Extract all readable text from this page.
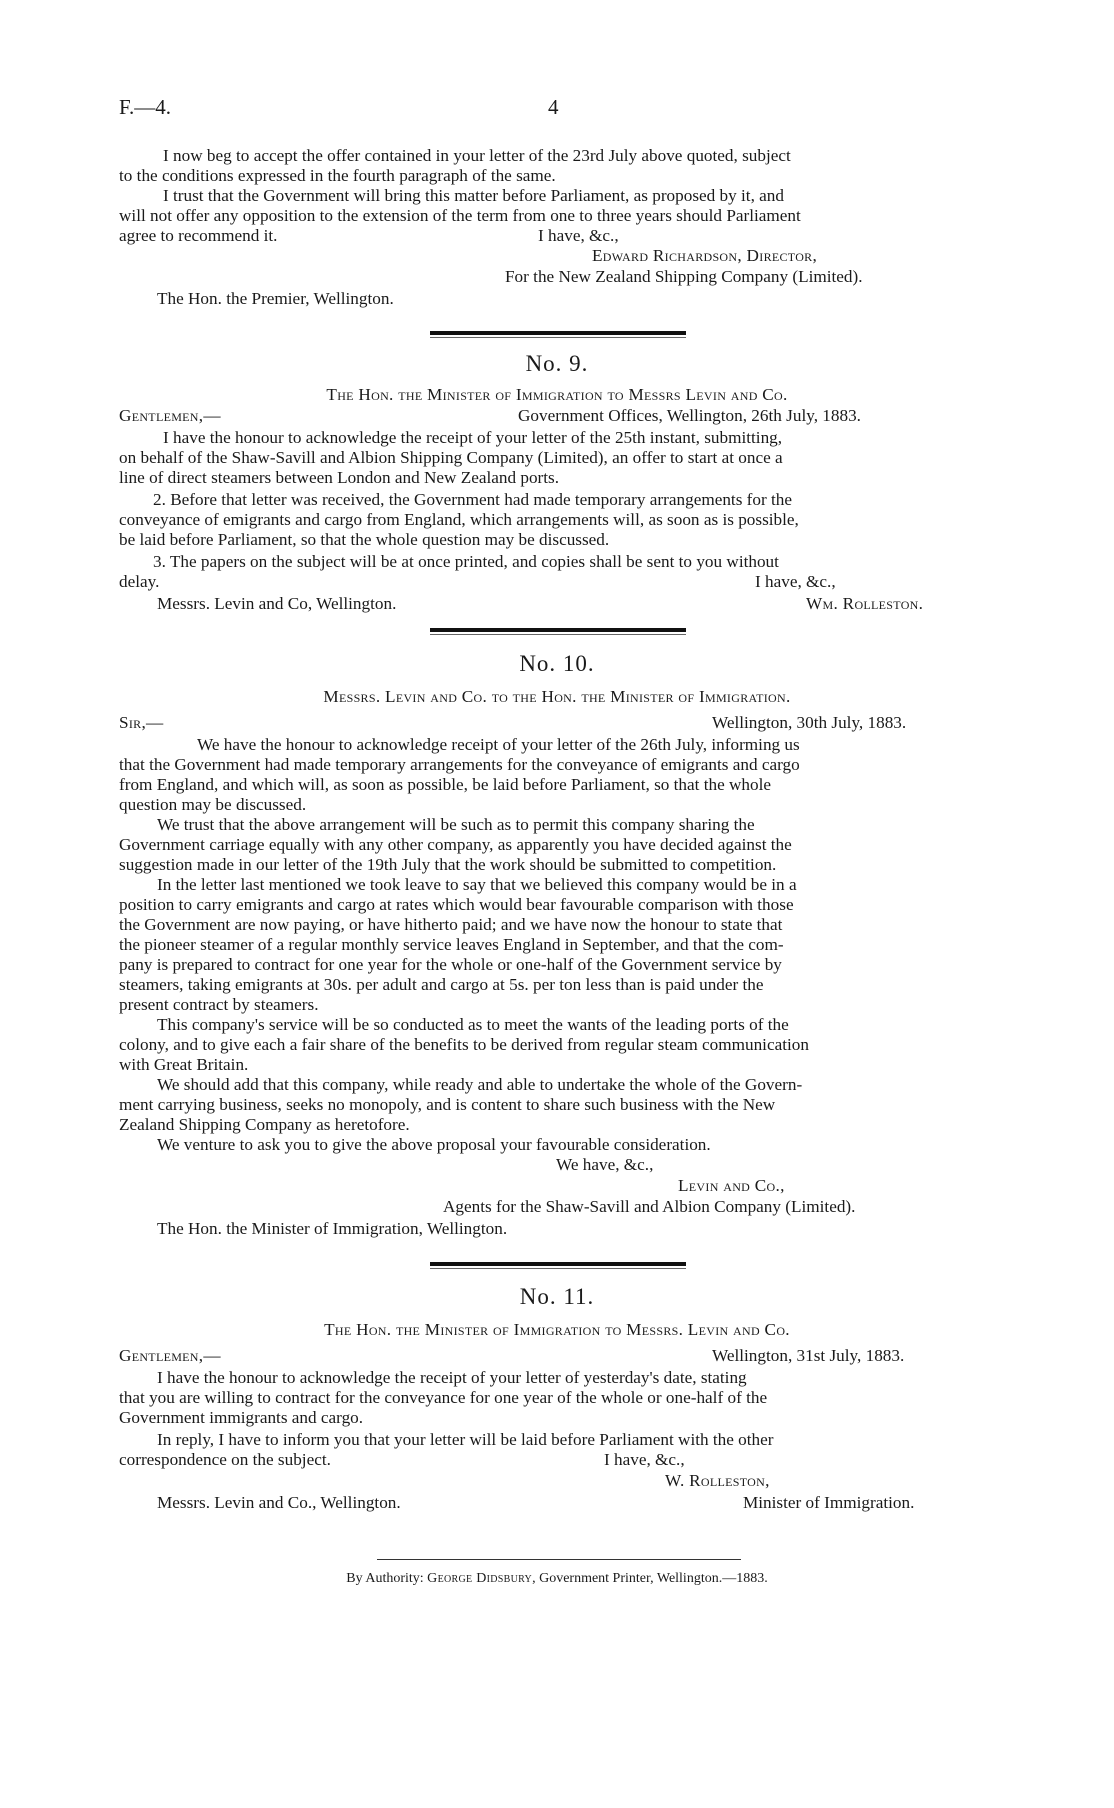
F.—4.	4
I now beg to accept the offer contained in your letter of the 23rd July above quoted, subject
to the conditions expressed in the fourth paragraph of the same.
I trust that the Government will bring this matter before Parliament, as proposed by it, and
will not offer any opposition to the extension of the term from one to three years should Parliament
agree to recommend it.	I have, &c.,
Edward Richardson, Director,
For the New Zealand Shipping Company (Limited).
The Hon. the Premier, Wellington.
No. 9.
The Hon. the Minister of Immigration to Messrs Levin and Co.
Gentlemen,—	Government Offices, Wellington, 26th July, 1883.
I have the honour to acknowledge the receipt of your letter of the 25th instant, submitting,
on behalf of the Shaw-Savill and Albion Shipping Company (Limited), an offer to start at once a
line of direct steamers between London and New Zealand ports.
2. Before that letter was received, the Government had made temporary arrangements for the
conveyance of emigrants and cargo from England, which arrangements will, as soon as is possible,
be laid before Parliament, so that the whole question may be discussed.
3. The papers on the subject will be at once printed, and copies shall be sent to you without
delay.	I have, &c.,
Messrs. Levin and Co, Wellington.	Wm. Rolleston.
No. 10.
Messrs. Levin and Co. to the Hon. the Minister of Immigration.
Sir,—	Wellington, 30th July, 1883.
We have the honour to acknowledge receipt of your letter of the 26th July, informing us
that the Government had made temporary arrangements for the conveyance of emigrants and cargo
from England, and which will, as soon as possible, be laid before Parliament, so that the whole
question may be discussed.
We trust that the above arrangement will be such as to permit this company sharing the
Government carriage equally with any other company, as apparently you have decided against the
suggestion made in our letter of the 19th July that the work should be submitted to competition.
In the letter last mentioned we took leave to say that we believed this company would be in a
position to carry emigrants and cargo at rates which would bear favourable comparison with those
the Government are now paying, or have hitherto paid; and we have now the honour to state that
the pioneer steamer of a regular monthly service leaves England in September, and that the com-
pany is prepared to contract for one year for the whole or one-half of the Government service by
steamers, taking emigrants at 30s. per adult and cargo at 5s. per ton less than is paid under the
present contract by steamers.
This company's service will be so conducted as to meet the wants of the leading ports of the
colony, and to give each a fair share of the benefits to be derived from regular steam communication
with Great Britain.
We should add that this company, while ready and able to undertake the whole of the Govern-
ment carrying business, seeks no monopoly, and is content to share such business with the New
Zealand Shipping Company as heretofore.
We venture to ask you to give the above proposal your favourable consideration.
We have, &c.,
Levin and Co.,
Agents for the Shaw-Savill and Albion Company (Limited).
The Hon. the Minister of Immigration, Wellington.
No. 11.
The Hon. the Minister of Immigration to Messrs. Levin and Co.
Gentlemen,—	Wellington, 31st July, 1883.
I have the honour to acknowledge the receipt of your letter of yesterday's date, stating
that you are willing to contract for the conveyance for one year of the whole or one-half of the
Government immigrants and cargo.
In reply, I have to inform you that your letter will be laid before Parliament with the other
correspondence on the subject.	I have, &c.,
W. Rolleston,
Messrs. Levin and Co., Wellington.	Minister of Immigration.
By Authority: George Didsbury, Government Printer, Wellington.—1883.
